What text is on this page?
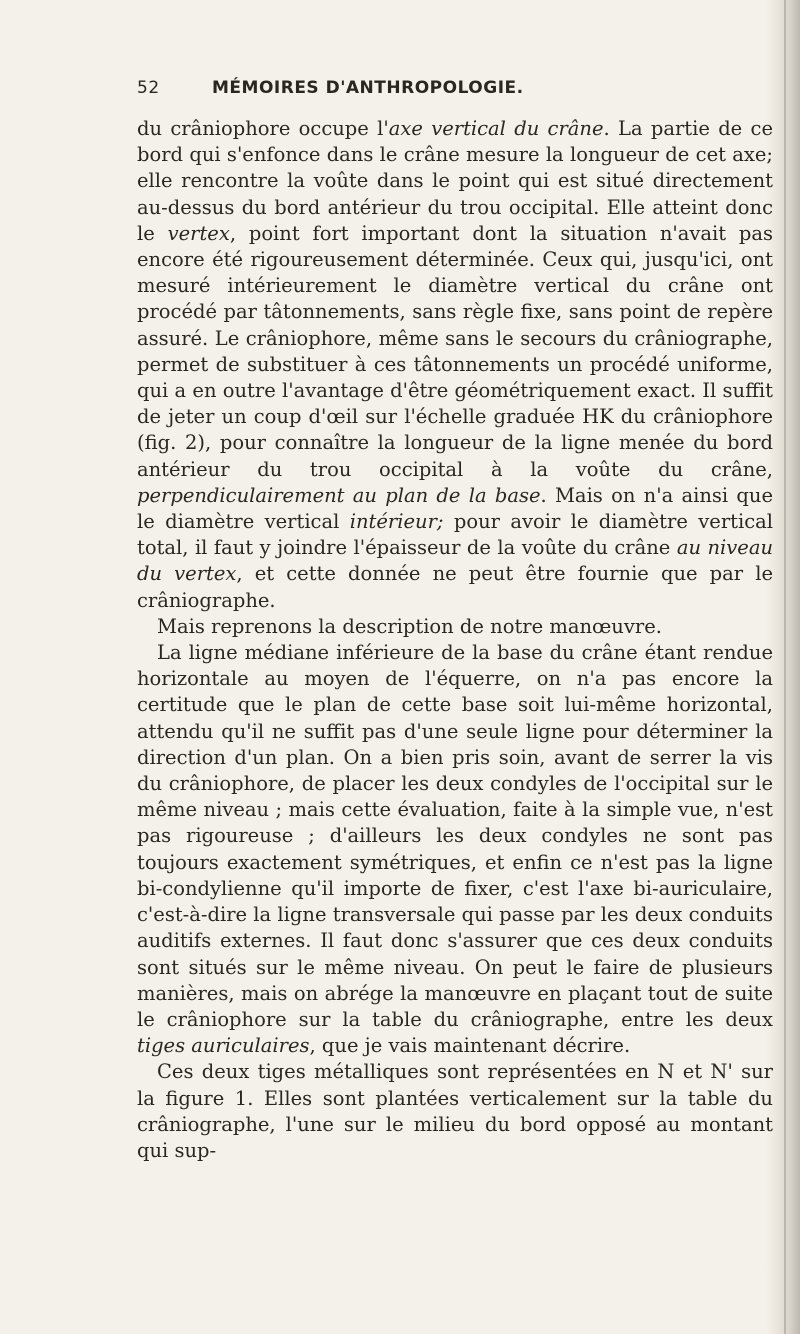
52	MÉMOIRES D'ANTHROPOLOGIE.

du crâniophore occupe l'axe vertical du crâne. La partie de ce bord qui s'enfonce dans le crâne mesure la longueur de cet axe; elle rencontre la voûte dans le point qui est situé directement au-dessus du bord antérieur du trou occipital. Elle atteint donc le vertex, point fort important dont la situation n'avait pas encore été rigoureusement déterminée. Ceux qui, jusqu'ici, ont mesuré intérieurement le diamètre vertical du crâne ont procédé par tâtonnements, sans règle fixe, sans point de repère assuré. Le crâniophore, même sans le secours du crâniographe, permet de substituer à ces tâtonnements un procédé uniforme, qui a en outre l'avantage d'être géométriquement exact. Il suffit de jeter un coup d'œil sur l'échelle graduée HK du crâniophore (fig. 2), pour connaître la longueur de la ligne menée du bord antérieur du trou occipital à la voûte du crâne, perpendiculairement au plan de la base. Mais on n'a ainsi que le diamètre vertical intérieur; pour avoir le diamètre vertical total, il faut y joindre l'épaisseur de la voûte du crâne au niveau du vertex, et cette donnée ne peut être fournie que par le crâniographe.

Mais reprenons la description de notre manœuvre.

La ligne médiane inférieure de la base du crâne étant rendue horizontale au moyen de l'équerre, on n'a pas encore la certitude que le plan de cette base soit lui-même horizontal, attendu qu'il ne suffit pas d'une seule ligne pour déterminer la direction d'un plan. On a bien pris soin, avant de serrer la vis du crâniophore, de placer les deux condyles de l'occipital sur le même niveau ; mais cette évaluation, faite à la simple vue, n'est pas rigoureuse ; d'ailleurs les deux condyles ne sont pas toujours exactement symétriques, et enfin ce n'est pas la ligne bi-condylienne qu'il importe de fixer, c'est l'axe bi-auriculaire, c'est-à-dire la ligne transversale qui passe par les deux conduits auditifs externes. Il faut donc s'assurer que ces deux conduits sont situés sur le même niveau. On peut le faire de plusieurs manières, mais on abrége la manœuvre en plaçant tout de suite le crâniophore sur la table du crâniographe, entre les deux tiges auriculaires, que je vais maintenant décrire.

Ces deux tiges métalliques sont représentées en N et N' sur la figure 1. Elles sont plantées verticalement sur la table du crâniographe, l'une sur le milieu du bord opposé au montant qui sup-
